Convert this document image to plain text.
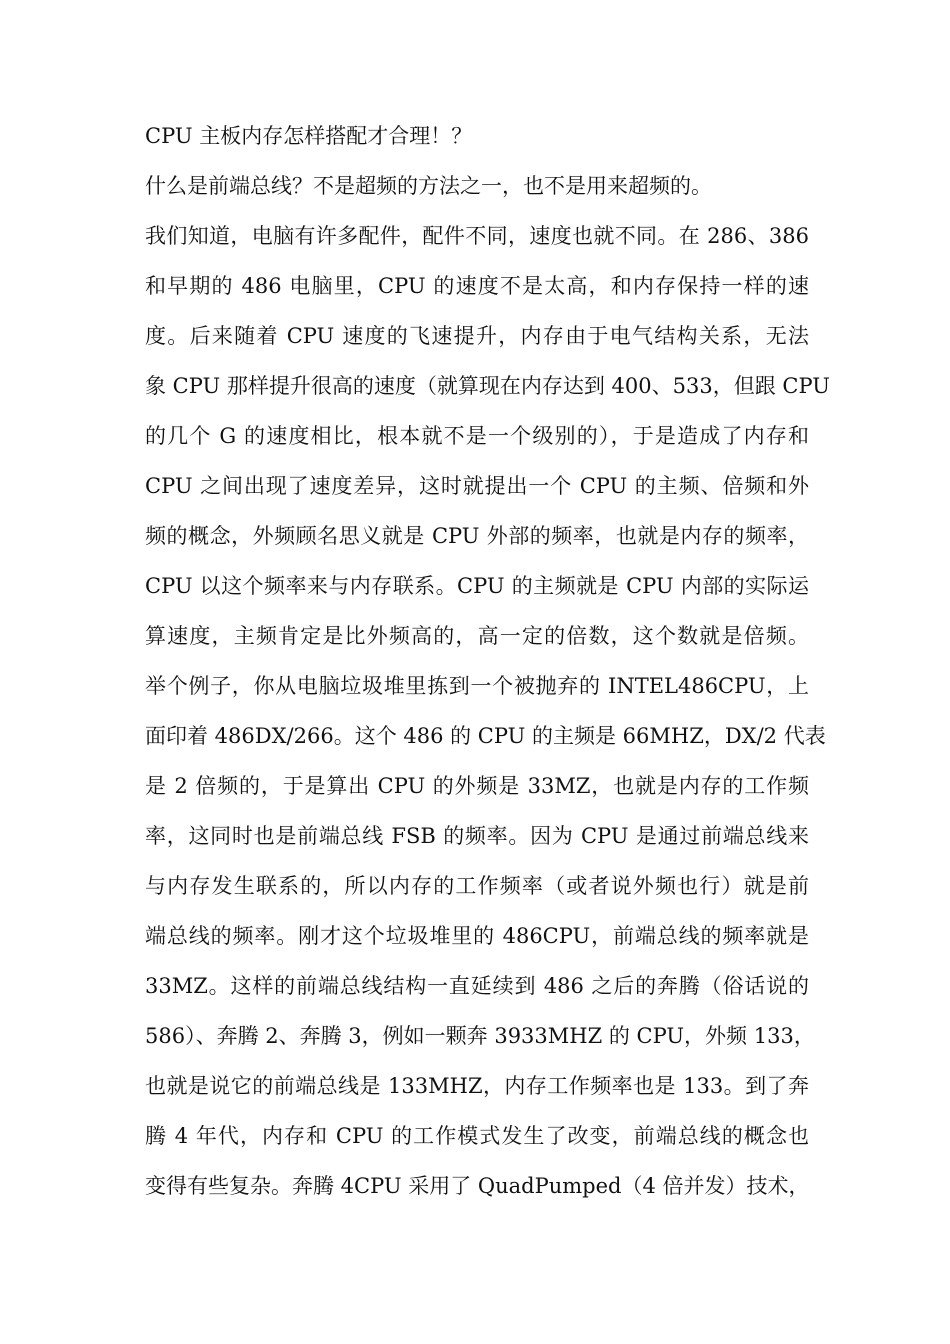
CPU 主板内存怎样搭配才合理！？
什么是前端总线？不是超频的方法之一，也不是用来超频的。
我们知道，电脑有许多配件，配件不同，速度也就不同。在 286、386
和早期的 486 电脑里，CPU 的速度不是太高，和内存保持一样的速
度。后来随着 CPU 速度的飞速提升，内存由于电气结构关系，无法
象 CPU 那样提升很高的速度（就算现在内存达到 400、533，但跟 CPU
的几个 G 的速度相比，根本就不是一个级别的），于是造成了内存和
CPU 之间出现了速度差异，这时就提出一个 CPU 的主频、倍频和外
频的概念，外频顾名思义就是 CPU 外部的频率，也就是内存的频率，
CPU 以这个频率来与内存联系。CPU 的主频就是 CPU 内部的实际运
算速度，主频肯定是比外频高的，高一定的倍数，这个数就是倍频。
举个例子，你从电脑垃圾堆里拣到一个被抛弃的 INTEL486CPU，上
面印着 486DX/266。这个 486 的 CPU 的主频是 66MHZ，DX/2 代表
是 2 倍频的，于是算出 CPU 的外频是 33MZ，也就是内存的工作频
率，这同时也是前端总线 FSB 的频率。因为 CPU 是通过前端总线来
与内存发生联系的，所以内存的工作频率（或者说外频也行）就是前
端总线的频率。刚才这个垃圾堆里的 486CPU，前端总线的频率就是
33MZ。这样的前端总线结构一直延续到 486 之后的奔腾（俗话说的
586）、奔腾 2、奔腾 3，例如一颗奔 3933MHZ 的 CPU，外频 133，
也就是说它的前端总线是 133MHZ，内存工作频率也是 133。到了奔
腾 4 年代，内存和 CPU 的工作模式发生了改变，前端总线的概念也
变得有些复杂。奔腾 4CPU 采用了 QuadPumped（4 倍并发）技术，
